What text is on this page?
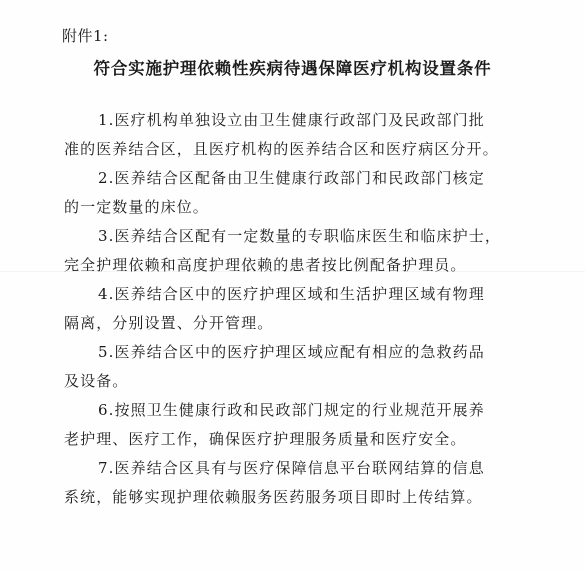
附件1:
符合实施护理依赖性疾病待遇保障医疗机构设置条件
1.医疗机构单独设立由卫生健康行政部门及民政部门批
准的医养结合区，且医疗机构的医养结合区和医疗病区分开。
2.医养结合区配备由卫生健康行政部门和民政部门核定
的一定数量的床位。
3.医养结合区配有一定数量的专职临床医生和临床护士，
完全护理依赖和高度护理依赖的患者按比例配备护理员。
4.医养结合区中的医疗护理区域和生活护理区域有物理
隔离，分别设置、分开管理。
5.医养结合区中的医疗护理区域应配有相应的急救药品
及设备。
6.按照卫生健康行政和民政部门规定的行业规范开展养
老护理、医疗工作，确保医疗护理服务质量和医疗安全。
7.医养结合区具有与医疗保障信息平台联网结算的信息
系统，能够实现护理依赖服务医药服务项目即时上传结算。
